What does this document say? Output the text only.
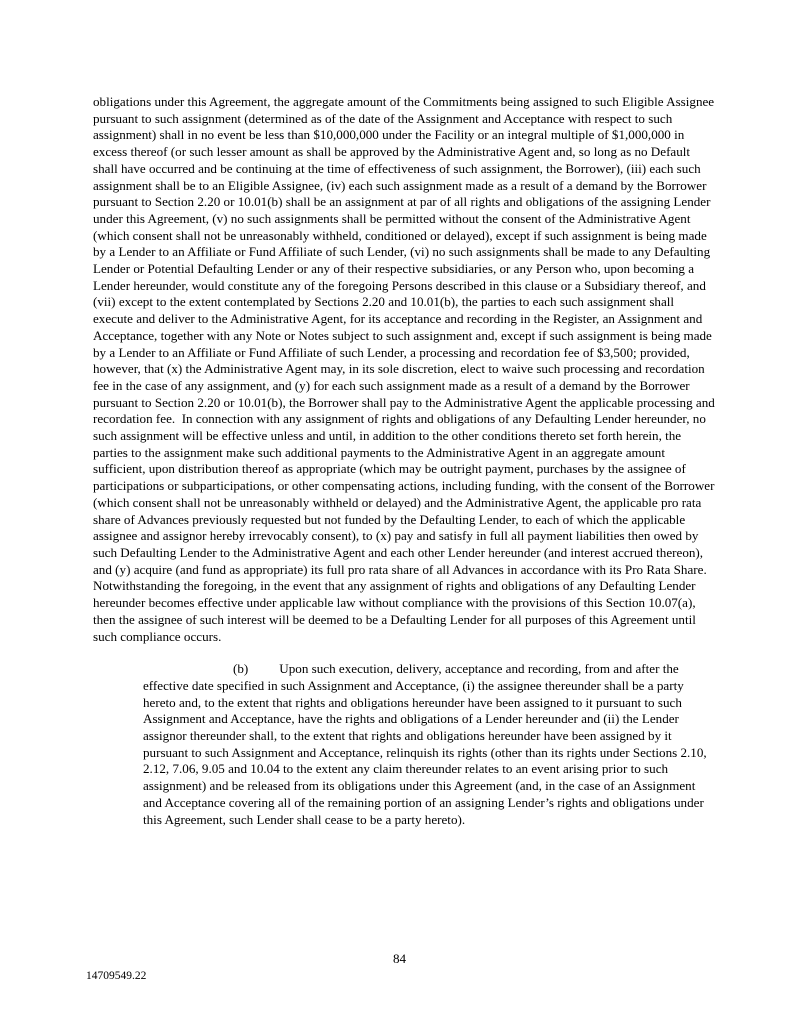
obligations under this Agreement, the aggregate amount of the Commitments being assigned to such Eligible Assignee pursuant to such assignment (determined as of the date of the Assignment and Acceptance with respect to such assignment) shall in no event be less than $10,000,000 under the Facility or an integral multiple of $1,000,000 in excess thereof (or such lesser amount as shall be approved by the Administrative Agent and, so long as no Default shall have occurred and be continuing at the time of effectiveness of such assignment, the Borrower), (iii) each such assignment shall be to an Eligible Assignee, (iv) each such assignment made as a result of a demand by the Borrower pursuant to Section 2.20 or 10.01(b) shall be an assignment at par of all rights and obligations of the assigning Lender under this Agreement, (v) no such assignments shall be permitted without the consent of the Administrative Agent (which consent shall not be unreasonably withheld, conditioned or delayed), except if such assignment is being made by a Lender to an Affiliate or Fund Affiliate of such Lender, (vi) no such assignments shall be made to any Defaulting Lender or Potential Defaulting Lender or any of their respective subsidiaries, or any Person who, upon becoming a Lender hereunder, would constitute any of the foregoing Persons described in this clause or a Subsidiary thereof, and (vii) except to the extent contemplated by Sections 2.20 and 10.01(b), the parties to each such assignment shall execute and deliver to the Administrative Agent, for its acceptance and recording in the Register, an Assignment and Acceptance, together with any Note or Notes subject to such assignment and, except if such assignment is being made by a Lender to an Affiliate or Fund Affiliate of such Lender, a processing and recordation fee of $3,500; provided, however, that (x) the Administrative Agent may, in its sole discretion, elect to waive such processing and recordation fee in the case of any assignment, and (y) for each such assignment made as a result of a demand by the Borrower pursuant to Section 2.20 or 10.01(b), the Borrower shall pay to the Administrative Agent the applicable processing and recordation fee.  In connection with any assignment of rights and obligations of any Defaulting Lender hereunder, no such assignment will be effective unless and until, in addition to the other conditions thereto set forth herein, the parties to the assignment make such additional payments to the Administrative Agent in an aggregate amount sufficient, upon distribution thereof as appropriate (which may be outright payment, purchases by the assignee of participations or subparticipations, or other compensating actions, including funding, with the consent of the Borrower (which consent shall not be unreasonably withheld or delayed) and the Administrative Agent, the applicable pro rata share of Advances previously requested but not funded by the Defaulting Lender, to each of which the applicable assignee and assignor hereby irrevocably consent), to (x) pay and satisfy in full all payment liabilities then owed by such Defaulting Lender to the Administrative Agent and each other Lender hereunder (and interest accrued thereon), and (y) acquire (and fund as appropriate) its full pro rata share of all Advances in accordance with its Pro Rata Share.  Notwithstanding the foregoing, in the event that any assignment of rights and obligations of any Defaulting Lender hereunder becomes effective under applicable law without compliance with the provisions of this Section 10.07(a), then the assignee of such interest will be deemed to be a Defaulting Lender for all purposes of this Agreement until such compliance occurs.

(b) Upon such execution, delivery, acceptance and recording, from and after the effective date specified in such Assignment and Acceptance, (i) the assignee thereunder shall be a party hereto and, to the extent that rights and obligations hereunder have been assigned to it pursuant to such Assignment and Acceptance, have the rights and obligations of a Lender hereunder and (ii) the Lender assignor thereunder shall, to the extent that rights and obligations hereunder have been assigned by it pursuant to such Assignment and Acceptance, relinquish its rights (other than its rights under Sections 2.10, 2.12, 7.06, 9.05 and 10.04 to the extent any claim thereunder relates to an event arising prior to such assignment) and be released from its obligations under this Agreement (and, in the case of an Assignment and Acceptance covering all of the remaining portion of an assigning Lender’s rights and obligations under this Agreement, such Lender shall cease to be a party hereto).

84
14709549.22
